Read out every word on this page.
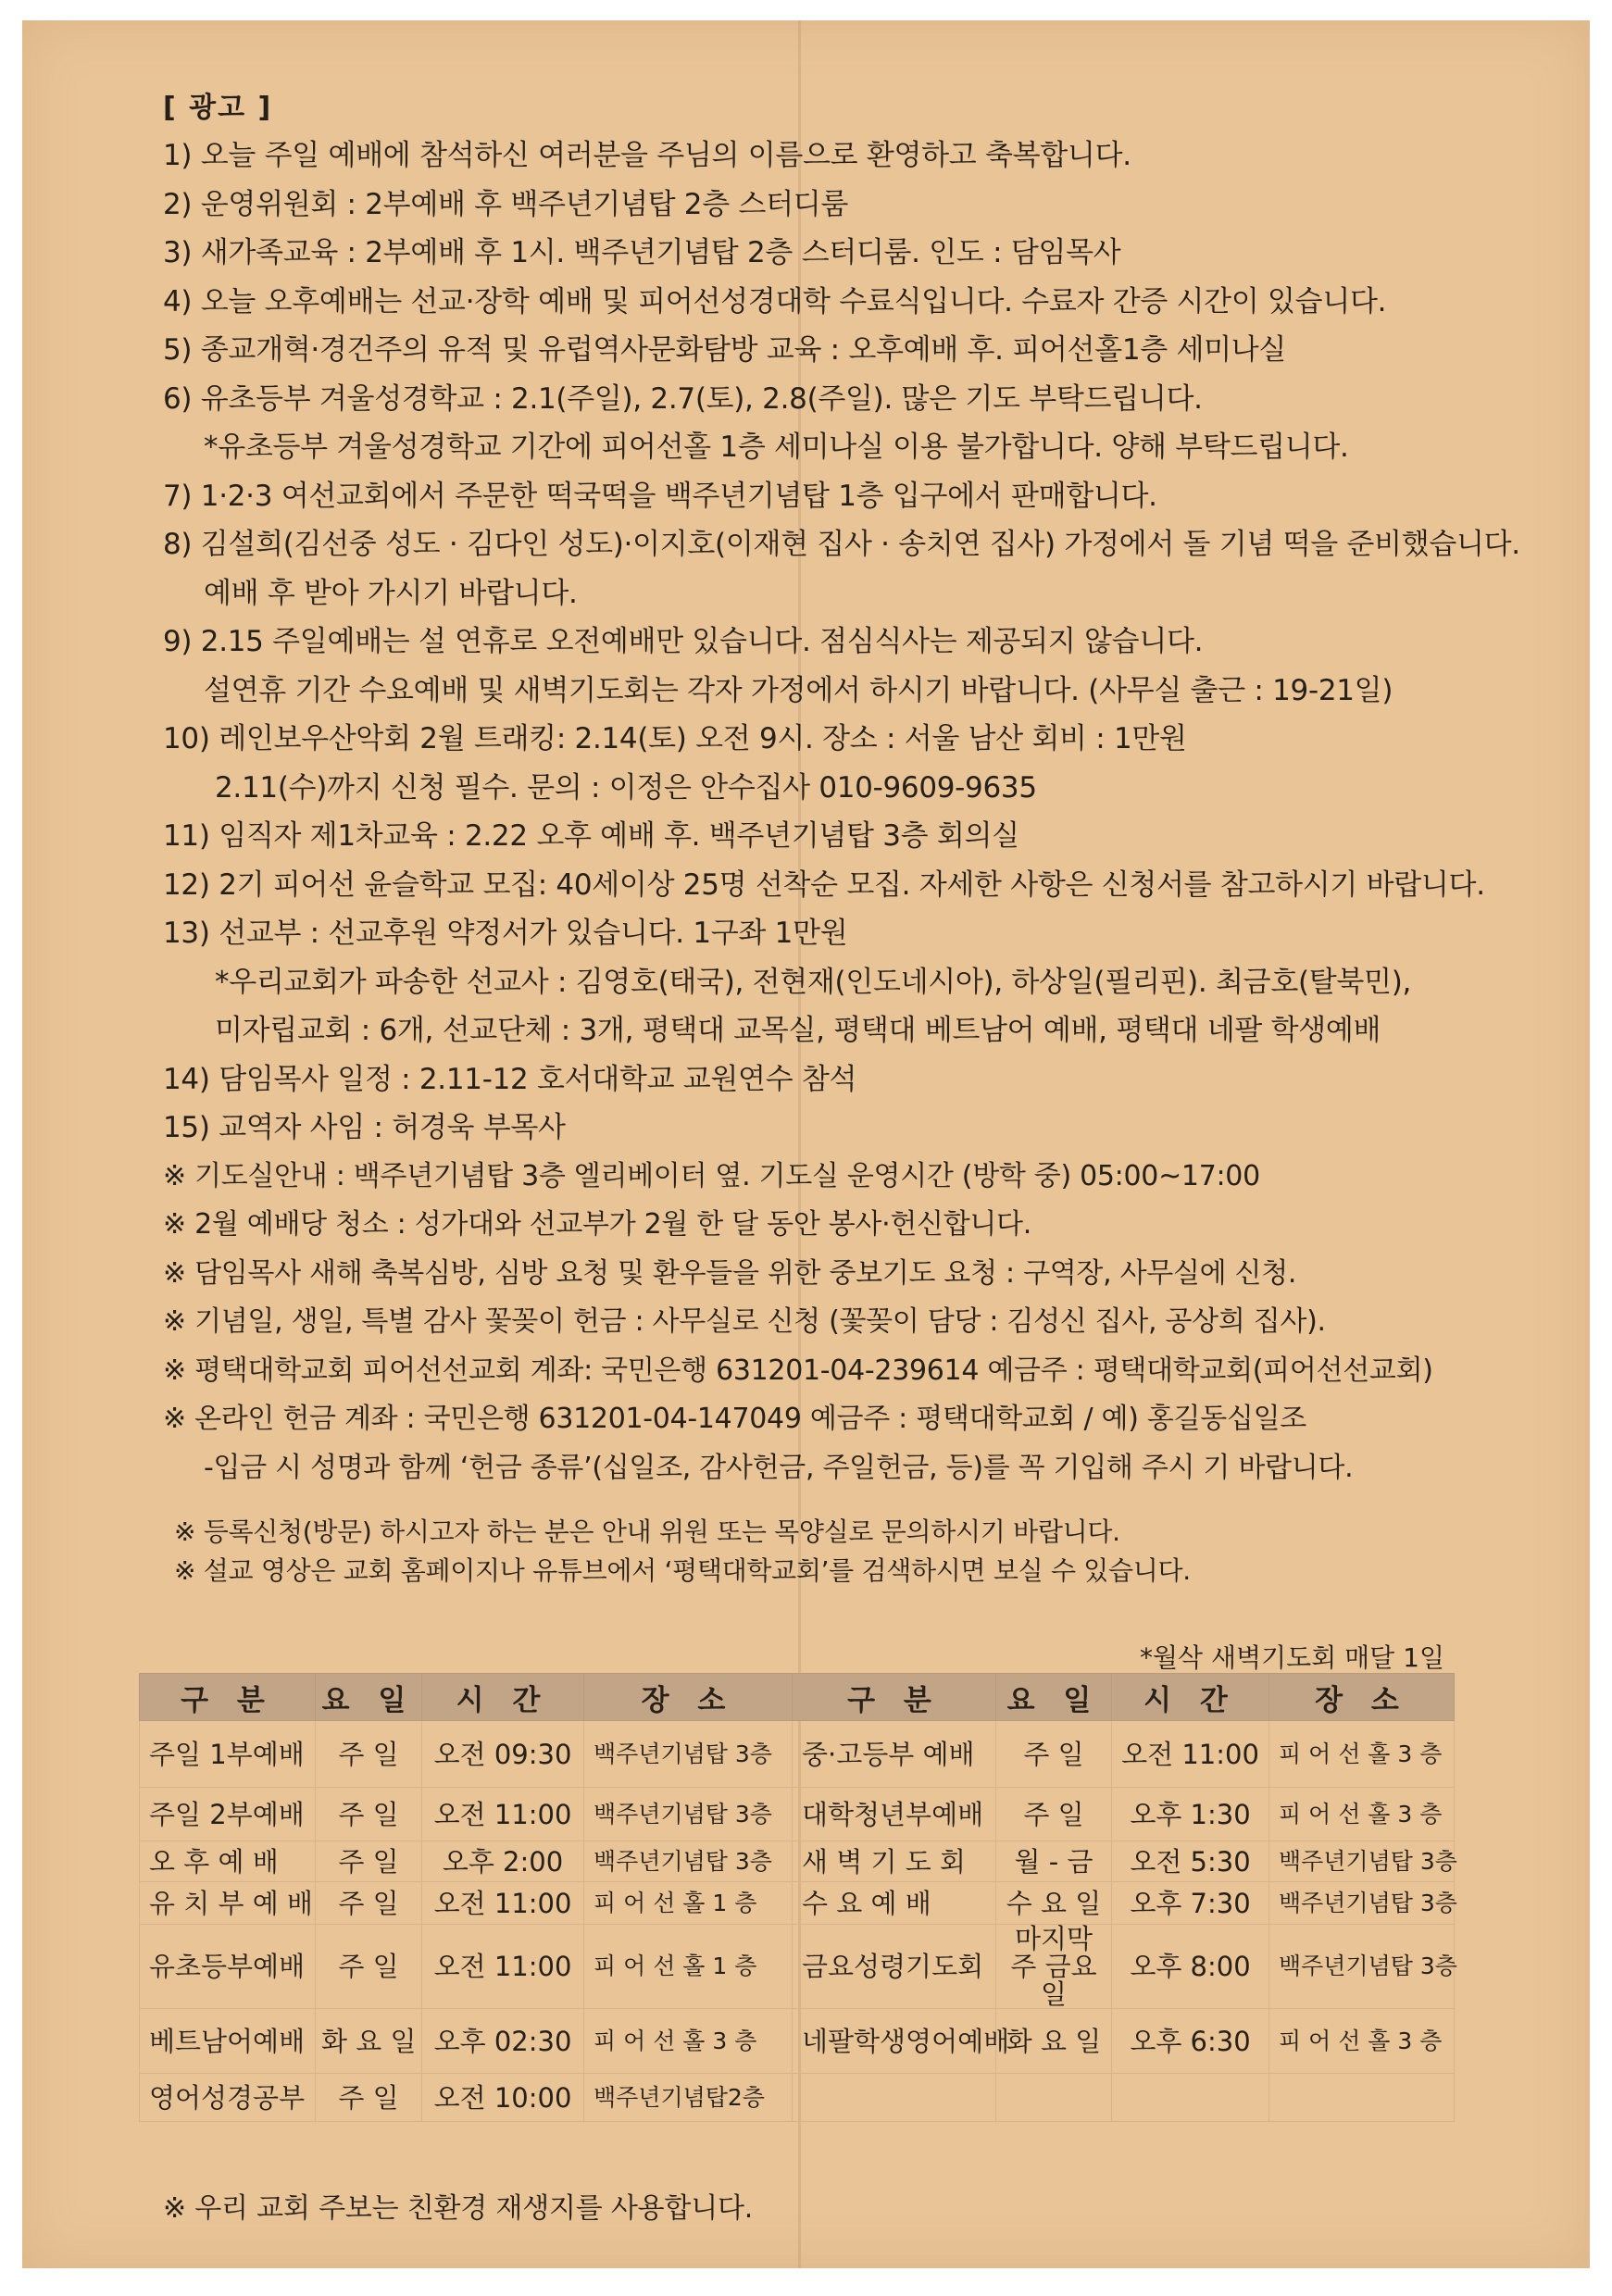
[ 광고 ]
1) 오늘 주일 예배에 참석하신 여러분을 주님의 이름으로 환영하고 축복합니다.
2) 운영위원회 : 2부예배 후 백주년기념탑 2층 스터디룸
3) 새가족교육 : 2부예배 후 1시. 백주년기념탑 2층 스터디룸. 인도 : 담임목사
4) 오늘 오후예배는 선교·장학 예배 및 피어선성경대학 수료식입니다. 수료자 간증 시간이 있습니다.
5) 종교개혁·경건주의 유적 및 유럽역사문화탐방 교육 : 오후예배 후. 피어선홀1층 세미나실
6) 유초등부 겨울성경학교 : 2.1(주일), 2.7(토), 2.8(주일). 많은 기도 부탁드립니다.
*유초등부 겨울성경학교 기간에 피어선홀 1층 세미나실 이용 불가합니다. 양해 부탁드립니다.
7) 1·2·3 여선교회에서 주문한 떡국떡을 백주년기념탑 1층 입구에서 판매합니다.
8) 김설희(김선중 성도 · 김다인 성도)·이지호(이재현 집사 · 송치연 집사) 가정에서 돌 기념 떡을 준비했습니다.
예배 후 받아 가시기 바랍니다.
9) 2.15 주일예배는 설 연휴로 오전예배만 있습니다. 점심식사는 제공되지 않습니다.
설연휴 기간 수요예배 및 새벽기도회는 각자 가정에서 하시기 바랍니다. (사무실 출근 : 19-21일)
10) 레인보우산악회 2월 트래킹: 2.14(토) 오전 9시. 장소 : 서울 남산 회비 : 1만원
2.11(수)까지 신청 필수. 문의 : 이정은 안수집사 010-9609-9635
11) 임직자 제1차교육 : 2.22 오후 예배 후. 백주년기념탑 3층 회의실
12) 2기 피어선 윤슬학교 모집: 40세이상 25명 선착순 모집. 자세한 사항은 신청서를 참고하시기 바랍니다.
13) 선교부 : 선교후원 약정서가 있습니다. 1구좌 1만원
*우리교회가 파송한 선교사 : 김영호(태국), 전현재(인도네시아), 하상일(필리핀). 최금호(탈북민),
미자립교회 : 6개, 선교단체 : 3개, 평택대 교목실, 평택대 베트남어 예배, 평택대 네팔 학생예배
14) 담임목사 일정 : 2.11-12 호서대학교 교원연수 참석
15) 교역자 사임 : 허경욱 부목사
※ 기도실안내 : 백주년기념탑 3층 엘리베이터 옆. 기도실 운영시간 (방학 중) 05:00~17:00
※ 2월 예배당 청소 : 성가대와 선교부가 2월 한 달 동안 봉사·헌신합니다.
※ 담임목사 새해 축복심방, 심방 요청 및 환우들을 위한 중보기도 요청 : 구역장, 사무실에 신청.
※ 기념일, 생일, 특별 감사 꽃꽂이 헌금 : 사무실로 신청 (꽃꽂이 담당 : 김성신 집사, 공상희 집사).
※ 평택대학교회 피어선선교회 계좌: 국민은행 631201-04-239614 예금주 : 평택대학교회(피어선선교회)
※ 온라인 헌금 계좌 : 국민은행 631201-04-147049 예금주 : 평택대학교회 / 예) 홍길동십일조
-입금 시 성명과 함께 ‘헌금 종류’(십일조, 감사헌금, 주일헌금, 등)를 꼭 기입해 주시 기 바랍니다.
※ 등록신청(방문) 하시고자 하는 분은 안내 위원 또는 목양실로 문의하시기 바랍니다.
※ 설교 영상은 교회 홈페이지나 유튜브에서 ‘평택대학교회’를 검색하시면 보실 수 있습니다.
*월삭 새벽기도회 매달 1일
구 분	요 일	시 간	장 소	구 분	요 일	시 간	장 소
주일 1부예배	주 일	오전 09:30	백주년기념탑 3층	중·고등부 예배	주 일	오전 11:00	피 어 선 홀 3 층
주일 2부예배	주 일	오전 11:00	백주년기념탑 3층	대학청년부예배	주 일	오후 1:30	피 어 선 홀 3 층
오 후 예 배	주 일	오후 2:00	백주년기념탑 3층	새 벽 기 도 회	월 - 금	오전 5:30	백주년기념탑 3층
유 치 부 예 배	주 일	오전 11:00	피 어 선 홀 1 층	수 요 예 배	수 요 일	오후 7:30	백주년기념탑 3층
유초등부예배	주 일	오전 11:00	피 어 선 홀 1 층	금요성령기도회	마지막주 금요일	오후 8:00	백주년기념탑 3층
베트남어예배	화 요 일	오후 02:30	피 어 선 홀 3 층	네팔학생영어예배	화 요 일	오후 6:30	피 어 선 홀 3 층
영어성경공부	주 일	오전 10:00	백주년기념탑2층				
※ 우리 교회 주보는 친환경 재생지를 사용합니다.
